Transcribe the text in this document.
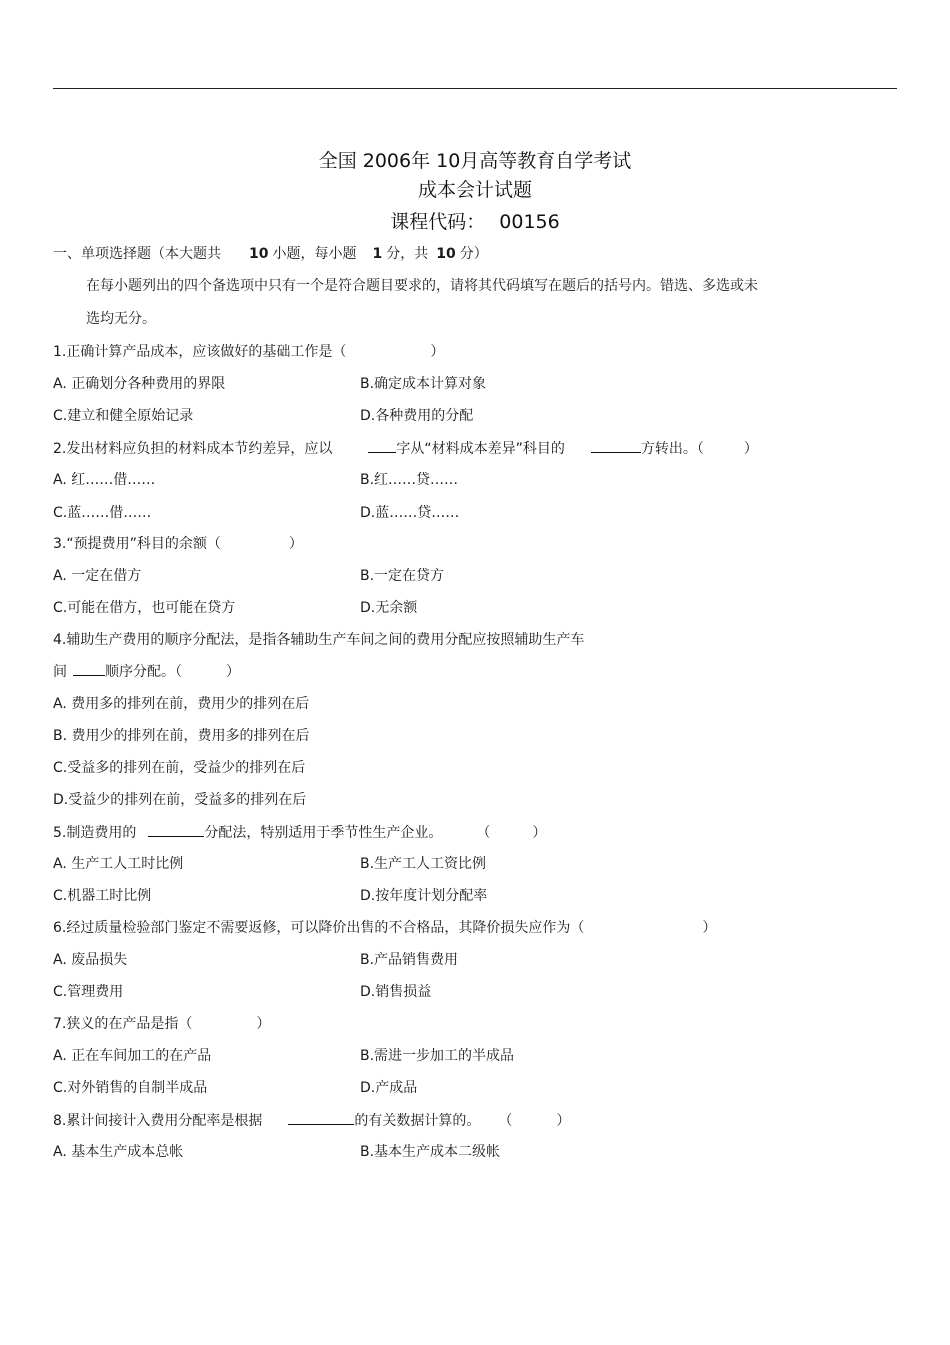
全国 2006年 10月高等教育自学考试
成本会计试题
课程代码： 00156
一、单项选择题（本大题共 10 小题，每小题 1 分，共 10 分）
在每小题列出的四个备选项中只有一个是符合题目要求的，请将其代码填写在题后的括号内。错选、多选或未
选均无分。
1.正确计算产品成本，应该做好的基础工作是（	）
A. 正确划分各种费用的界限	B.确定成本计算对象
C.建立和健全原始记录	D.各种费用的分配
2.发出材料应负担的材料成本节约差异，应以	字从“材料成本差异”科目的	方转出。（	）
A. 红……借……	B.红……贷……
C.蓝……借……	D.蓝……贷……
3.“预提费用”科目的余额（	）
A. 一定在借方	B.一定在贷方
C.可能在借方，也可能在贷方	D.无余额
4.辅助生产费用的顺序分配法，是指各辅助生产车间之间的费用分配应按照辅助生产车
间	顺序分配。（	）
A. 费用多的排列在前，费用少的排列在后
B. 费用少的排列在前，费用多的排列在后
C.受益多的排列在前，受益少的排列在后
D.受益少的排列在前，受益多的排列在后
5.制造费用的	分配法，特别适用于季节性生产企业。 （	）
A. 生产工人工时比例	B.生产工人工资比例
C.机器工时比例	D.按年度计划分配率
6.经过质量检验部门鉴定不需要返修，可以降价出售的不合格品，其降价损失应作为（	）
A. 废品损失	B.产品销售费用
C.管理费用	D.销售损益
7.狭义的在产品是指（	）
A. 正在车间加工的在产品	B.需进一步加工的半成品
C.对外销售的自制半成品	D.产成品
8.累计间接计入费用分配率是根据	的有关数据计算的。 （	）
A. 基本生产成本总帐	B.基本生产成本二级帐
